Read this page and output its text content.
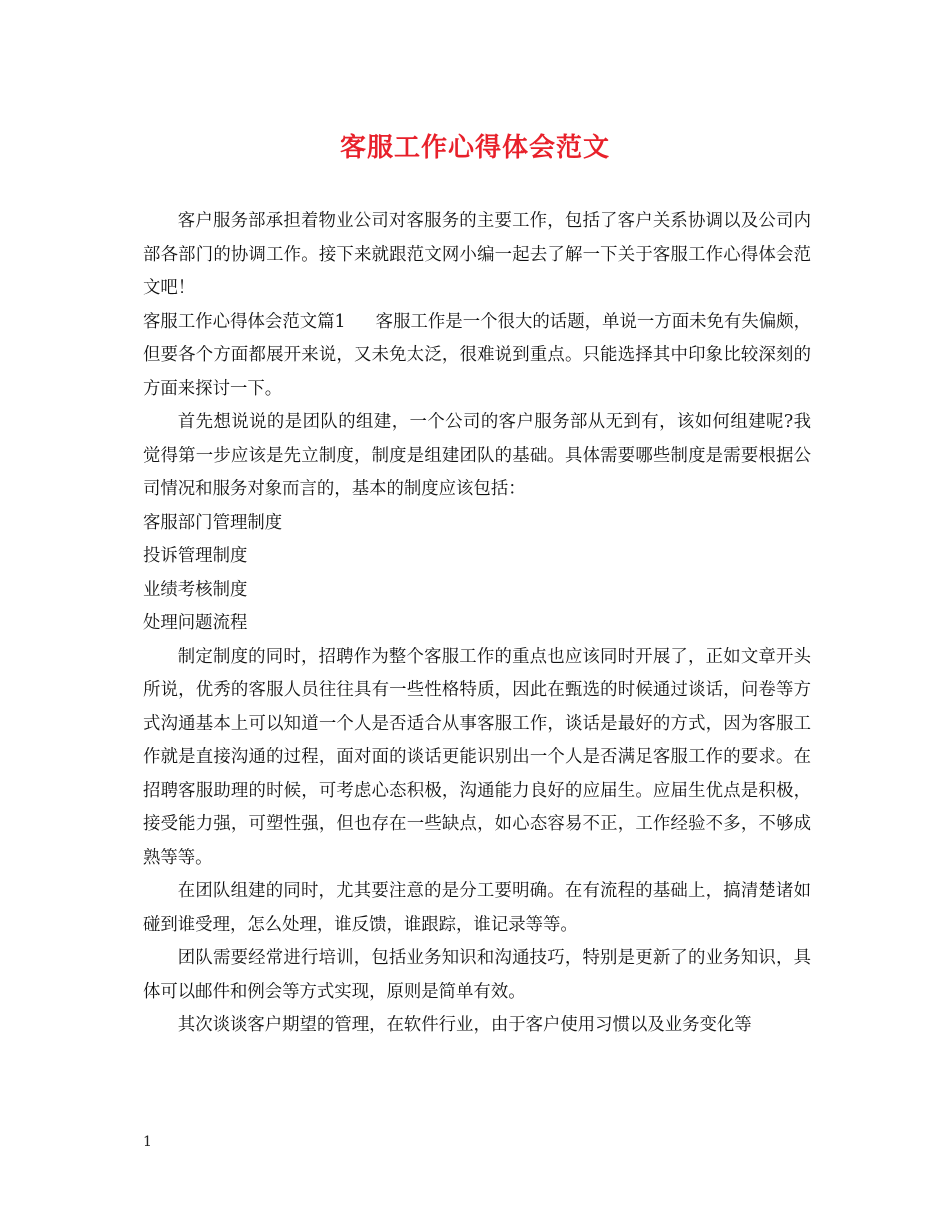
客服工作心得体会范文

客户服务部承担着物业公司对客服务的主要工作，包括了客户关系协调以及公司内部各部门的协调工作。接下来就跟范文网小编一起去了解一下关于客服工作心得体会范文吧！

客服工作心得体会范文篇1 客服工作是一个很大的话题，单说一方面未免有失偏颇，但要各个方面都展开来说，又未免太泛，很难说到重点。只能选择其中印象比较深刻的方面来探讨一下。

首先想说说的是团队的组建，一个公司的客户服务部从无到有，该如何组建呢?我觉得第一步应该是先立制度，制度是组建团队的基础。具体需要哪些制度是需要根据公司情况和服务对象而言的，基本的制度应该包括：

客服部门管理制度

投诉管理制度

业绩考核制度

处理问题流程

制定制度的同时，招聘作为整个客服工作的重点也应该同时开展了，正如文章开头所说，优秀的客服人员往往具有一些性格特质，因此在甄选的时候通过谈话，问卷等方式沟通基本上可以知道一个人是否适合从事客服工作，谈话是最好的方式，因为客服工作就是直接沟通的过程，面对面的谈话更能识别出一个人是否满足客服工作的要求。在招聘客服助理的时候，可考虑心态积极，沟通能力良好的应届生。应届生优点是积极，接受能力强，可塑性强，但也存在一些缺点，如心态容易不正，工作经验不多，不够成熟等等。

在团队组建的同时，尤其要注意的是分工要明确。在有流程的基础上，搞清楚诸如碰到谁受理，怎么处理，谁反馈，谁跟踪，谁记录等等。

团队需要经常进行培训，包括业务知识和沟通技巧，特别是更新了的业务知识，具体可以邮件和例会等方式实现，原则是简单有效。

其次谈谈客户期望的管理，在软件行业，由于客户使用习惯以及业务变化等

1
